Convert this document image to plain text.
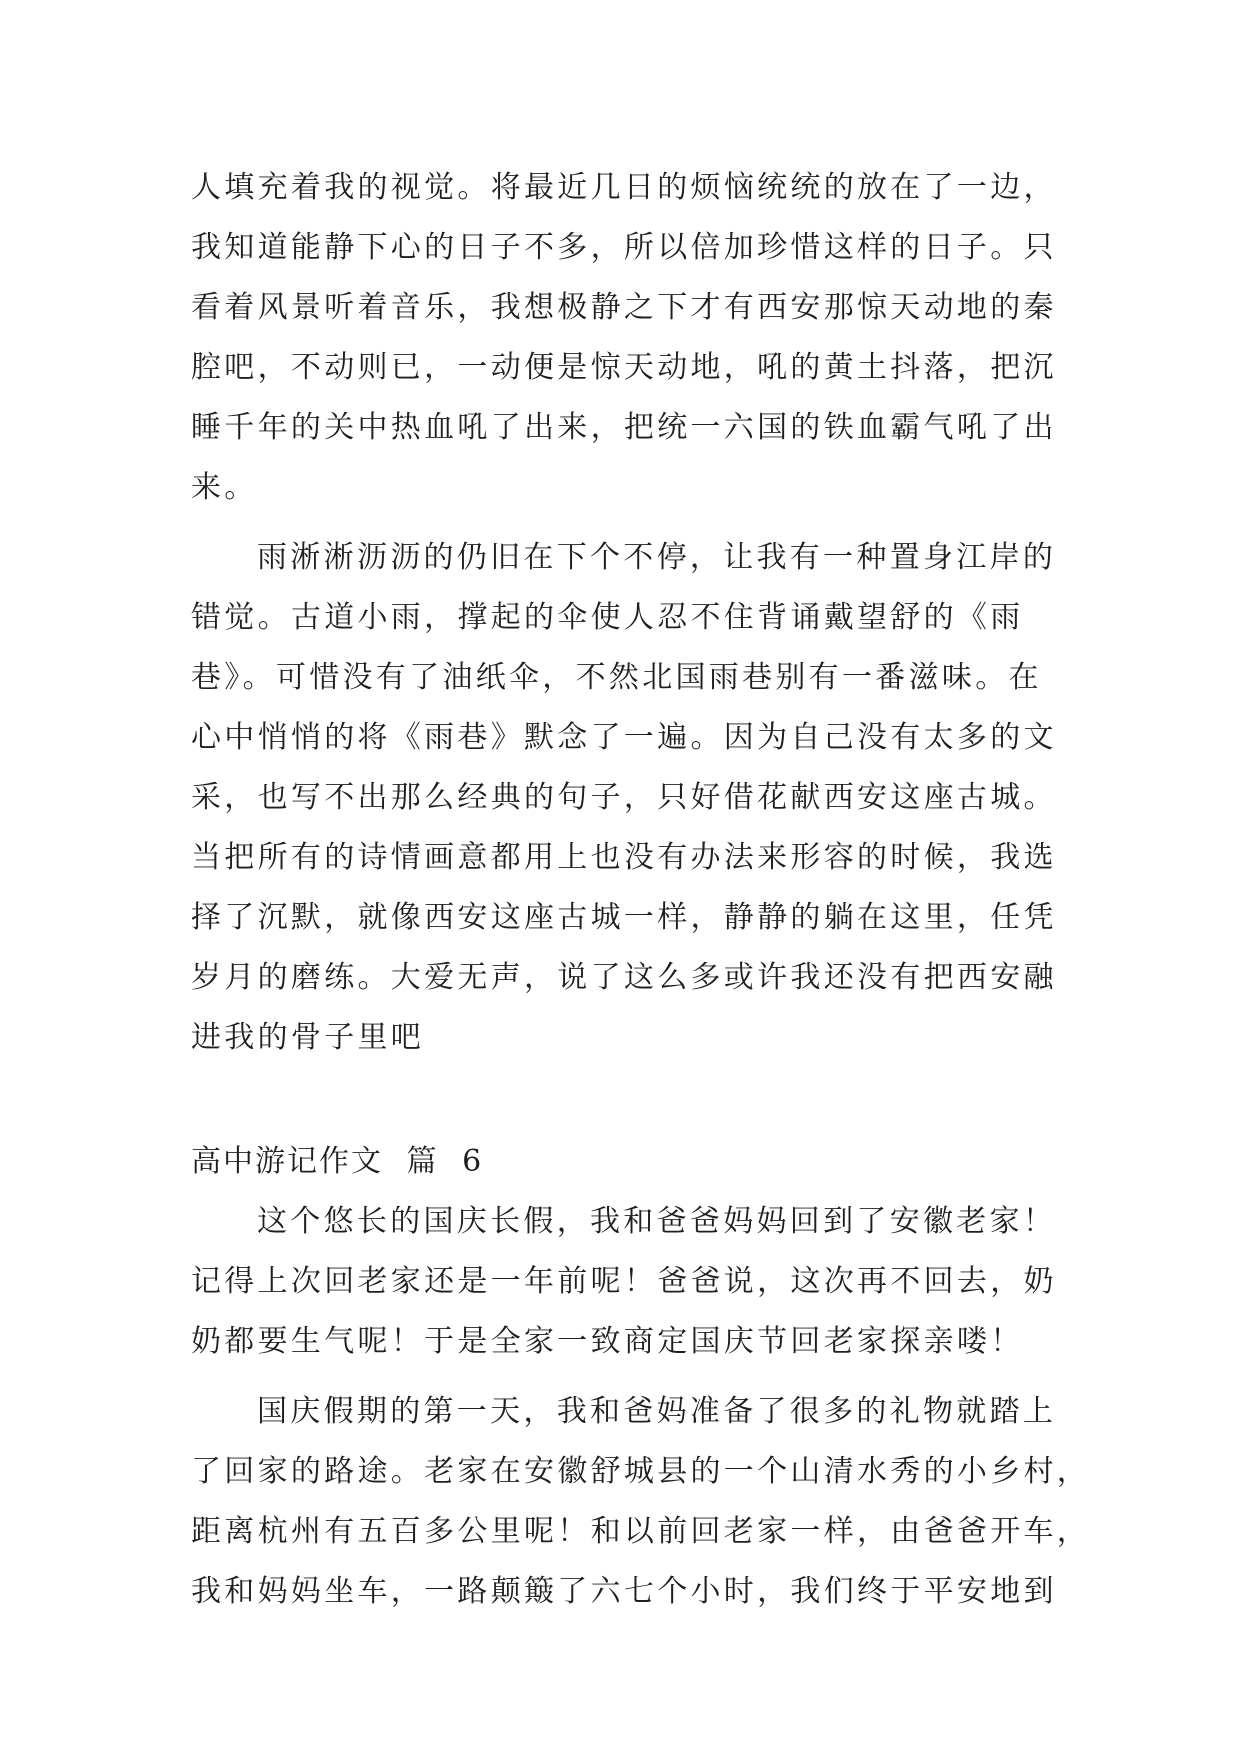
人填充着我的视觉。将最近几日的烦恼统统的放在了一边，
我知道能静下心的日子不多，所以倍加珍惜这样的日子。只
看着风景听着音乐，我想极静之下才有西安那惊天动地的秦
腔吧，不动则已，一动便是惊天动地，吼的黄土抖落，把沉
睡千年的关中热血吼了出来，把统一六国的铁血霸气吼了出
来。
雨淅淅沥沥的仍旧在下个不停，让我有一种置身江岸的
错觉。古道小雨，撑起的伞使人忍不住背诵戴望舒的《雨
巷》。可惜没有了油纸伞，不然北国雨巷别有一番滋味。在
心中悄悄的将《雨巷》默念了一遍。因为自己没有太多的文
采，也写不出那么经典的句子，只好借花献西安这座古城。
当把所有的诗情画意都用上也没有办法来形容的时候，我选
择了沉默，就像西安这座古城一样，静静的躺在这里，任凭
岁月的磨练。大爱无声，说了这么多或许我还没有把西安融
进我的骨子里吧
高中游记作文 篇 6
这个悠长的国庆长假，我和爸爸妈妈回到了安徽老家！
记得上次回老家还是一年前呢！爸爸说，这次再不回去，奶
奶都要生气呢！于是全家一致商定国庆节回老家探亲喽！
国庆假期的第一天，我和爸妈准备了很多的礼物就踏上
了回家的路途。老家在安徽舒城县的一个山清水秀的小乡村，
距离杭州有五百多公里呢！和以前回老家一样，由爸爸开车，
我和妈妈坐车，一路颠簸了六七个小时，我们终于平安地到
